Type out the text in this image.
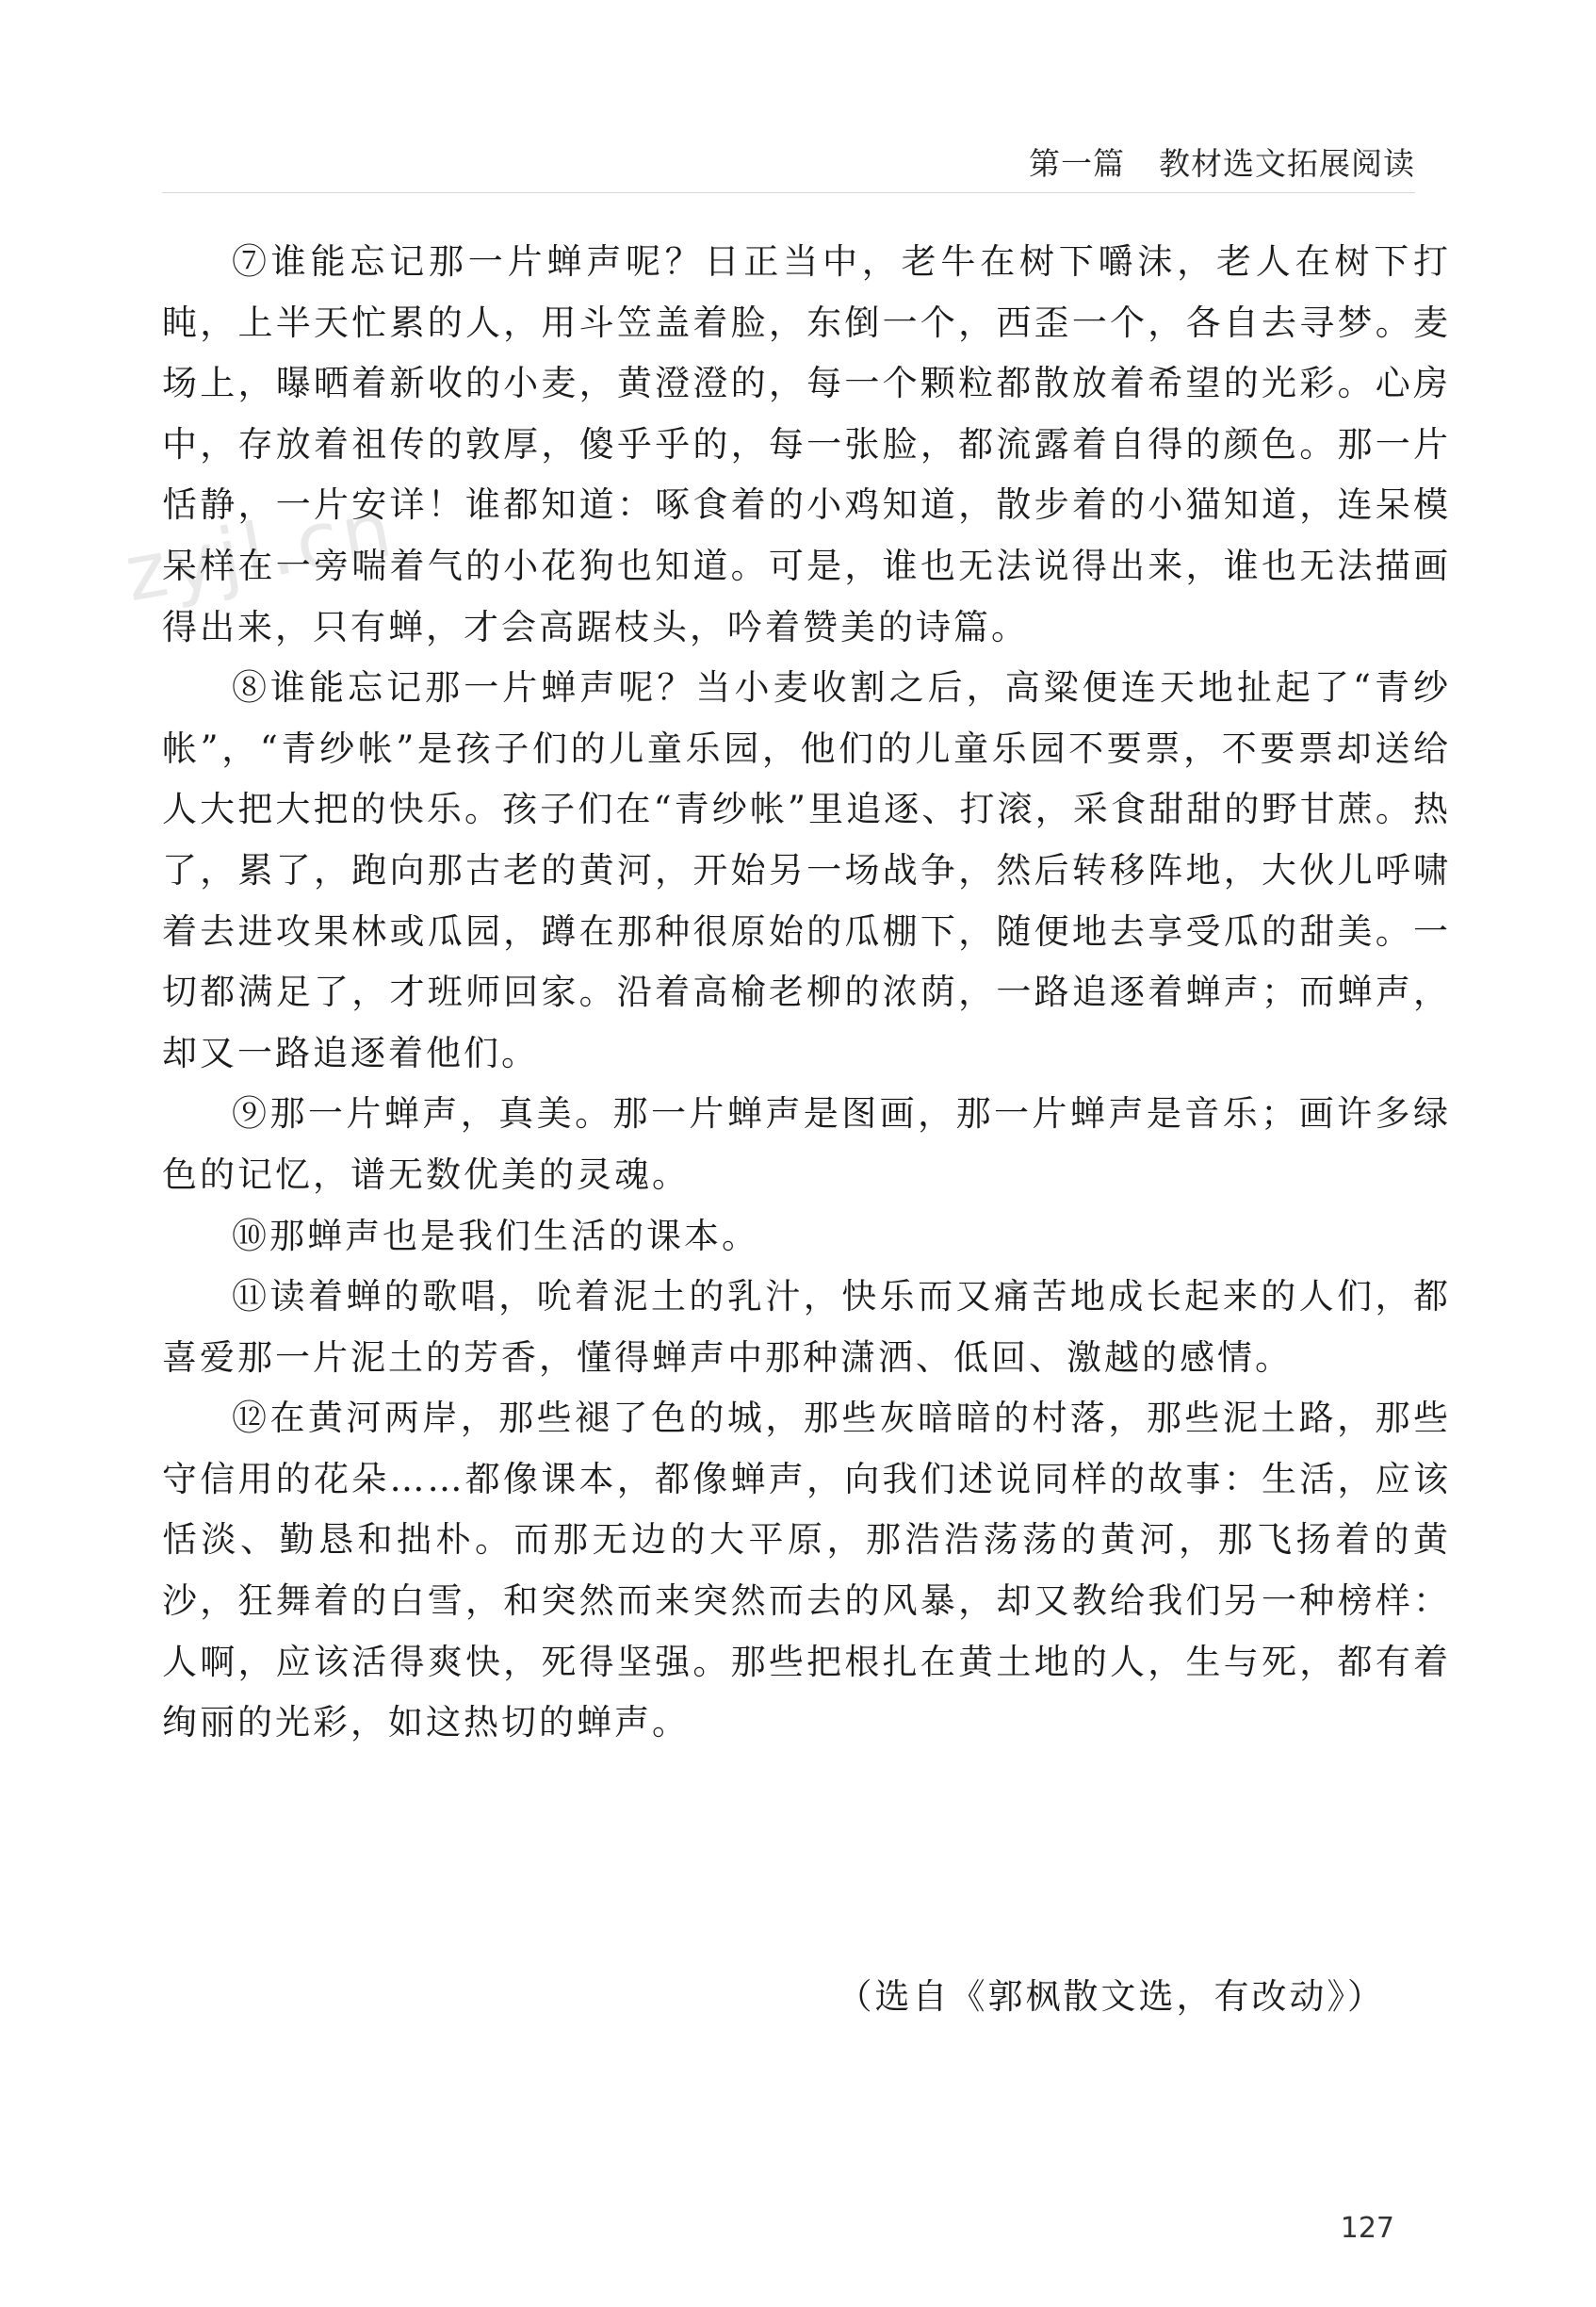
第一篇 教材选文拓展阅读
zyjl.cn

⑦谁能忘记那一片蝉声呢？日正当中，老牛在树下嚼沫，老人在树下打盹，上半天忙累的人，用斗笠盖着脸，东倒一个，西歪一个，各自去寻梦。麦场上，曝晒着新收的小麦，黄澄澄的，每一个颗粒都散放着希望的光彩。心房中，存放着祖传的敦厚，傻乎乎的，每一张脸，都流露着自得的颜色。那一片恬静，一片安详！谁都知道：啄食着的小鸡知道，散步着的小猫知道，连呆模呆样在一旁喘着气的小花狗也知道。可是，谁也无法说得出来，谁也无法描画得出来，只有蝉，才会高踞枝头，吟着赞美的诗篇。

⑧谁能忘记那一片蝉声呢？当小麦收割之后，高粱便连天地扯起了“青纱帐”，“青纱帐”是孩子们的儿童乐园，他们的儿童乐园不要票，不要票却送给人大把大把的快乐。孩子们在“青纱帐”里追逐、打滚，采食甜甜的野甘蔗。热了，累了，跑向那古老的黄河，开始另一场战争，然后转移阵地，大伙儿呼啸着去进攻果林或瓜园，蹲在那种很原始的瓜棚下，随便地去享受瓜的甜美。一切都满足了，才班师回家。沿着高榆老柳的浓荫，一路追逐着蝉声；而蝉声，却又一路追逐着他们。

⑨那一片蝉声，真美。那一片蝉声是图画，那一片蝉声是音乐；画许多绿色的记忆，谱无数优美的灵魂。

⑩那蝉声也是我们生活的课本。

⑪读着蝉的歌唱，吮着泥土的乳汁，快乐而又痛苦地成长起来的人们，都喜爱那一片泥土的芳香，懂得蝉声中那种潇洒、低回、激越的感情。

⑫在黄河两岸，那些褪了色的城，那些灰暗暗的村落，那些泥土路，那些守信用的花朵……都像课本，都像蝉声，向我们述说同样的故事：生活，应该恬淡、勤恳和拙朴。而那无边的大平原，那浩浩荡荡的黄河，那飞扬着的黄沙，狂舞着的白雪，和突然而来突然而去的风暴，却又教给我们另一种榜样：人啊，应该活得爽快，死得坚强。那些把根扎在黄土地的人，生与死，都有着绚丽的光彩，如这热切的蝉声。

（选自《郭枫散文选，有改动》）
127
